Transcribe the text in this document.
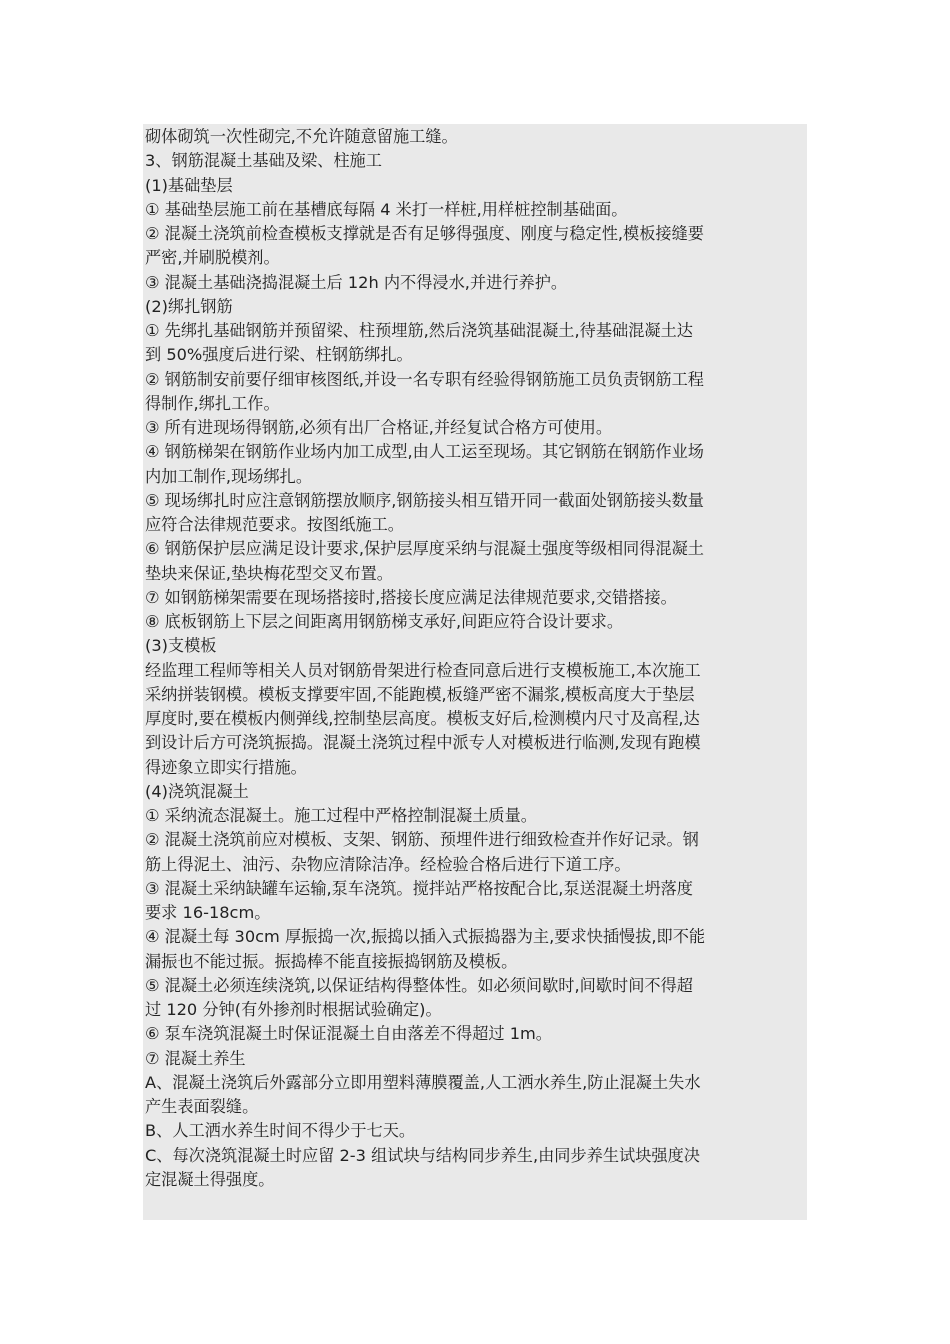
砌体砌筑一次性砌完,不允许随意留施工缝。
3、钢筋混凝土基础及梁、柱施工
(1)基础垫层
① 基础垫层施工前在基槽底每隔 4 米打一样桩,用样桩控制基础面。
② 混凝土浇筑前检查模板支撑就是否有足够得强度、刚度与稳定性,模板接缝要
严密,并刷脱模剂。
③ 混凝土基础浇捣混凝土后 12h 内不得浸水,并进行养护。
(2)绑扎钢筋
① 先绑扎基础钢筋并预留梁、柱预埋筋,然后浇筑基础混凝土,待基础混凝土达
到 50%强度后进行梁、柱钢筋绑扎。
② 钢筋制安前要仔细审核图纸,并设一名专职有经验得钢筋施工员负责钢筋工程
得制作,绑扎工作。
③ 所有进现场得钢筋,必须有出厂合格证,并经复试合格方可使用。
④ 钢筋梯架在钢筋作业场内加工成型,由人工运至现场。其它钢筋在钢筋作业场
内加工制作,现场绑扎。
⑤ 现场绑扎时应注意钢筋摆放顺序,钢筋接头相互错开同一截面处钢筋接头数量
应符合法律规范要求。按图纸施工。
⑥ 钢筋保护层应满足设计要求,保护层厚度采纳与混凝土强度等级相同得混凝土
垫块来保证,垫块梅花型交叉布置。
⑦ 如钢筋梯架需要在现场搭接时,搭接长度应满足法律规范要求,交错搭接。
⑧ 底板钢筋上下层之间距离用钢筋梯支承好,间距应符合设计要求。
(3)支模板
经监理工程师等相关人员对钢筋骨架进行检查同意后进行支模板施工,本次施工
采纳拼装钢模。模板支撑要牢固,不能跑模,板缝严密不漏浆,模板高度大于垫层
厚度时,要在模板内侧弹线,控制垫层高度。模板支好后,检测模内尺寸及高程,达
到设计后方可浇筑振捣。混凝土浇筑过程中派专人对模板进行临测,发现有跑模
得迹象立即实行措施。
(4)浇筑混凝土
① 采纳流态混凝土。施工过程中严格控制混凝土质量。
② 混凝土浇筑前应对模板、支架、钢筋、预埋件进行细致检查并作好记录。钢
筋上得泥土、油污、杂物应清除洁净。经检验合格后进行下道工序。
③ 混凝土采纳缺罐车运输,泵车浇筑。搅拌站严格按配合比,泵送混凝土坍落度
要求 16-18cm。
④ 混凝土每 30cm 厚振捣一次,振捣以插入式振捣器为主,要求快插慢拔,即不能
漏振也不能过振。振捣棒不能直接振捣钢筋及模板。
⑤ 混凝土必须连续浇筑,以保证结构得整体性。如必须间歇时,间歇时间不得超
过 120 分钟(有外掺剂时根据试验确定)。
⑥ 泵车浇筑混凝土时保证混凝土自由落差不得超过 1m。
⑦ 混凝土养生
A、混凝土浇筑后外露部分立即用塑料薄膜覆盖,人工洒水养生,防止混凝土失水
产生表面裂缝。
B、人工洒水养生时间不得少于七天。
C、每次浇筑混凝土时应留 2-3 组试块与结构同步养生,由同步养生试块强度决
定混凝土得强度。
